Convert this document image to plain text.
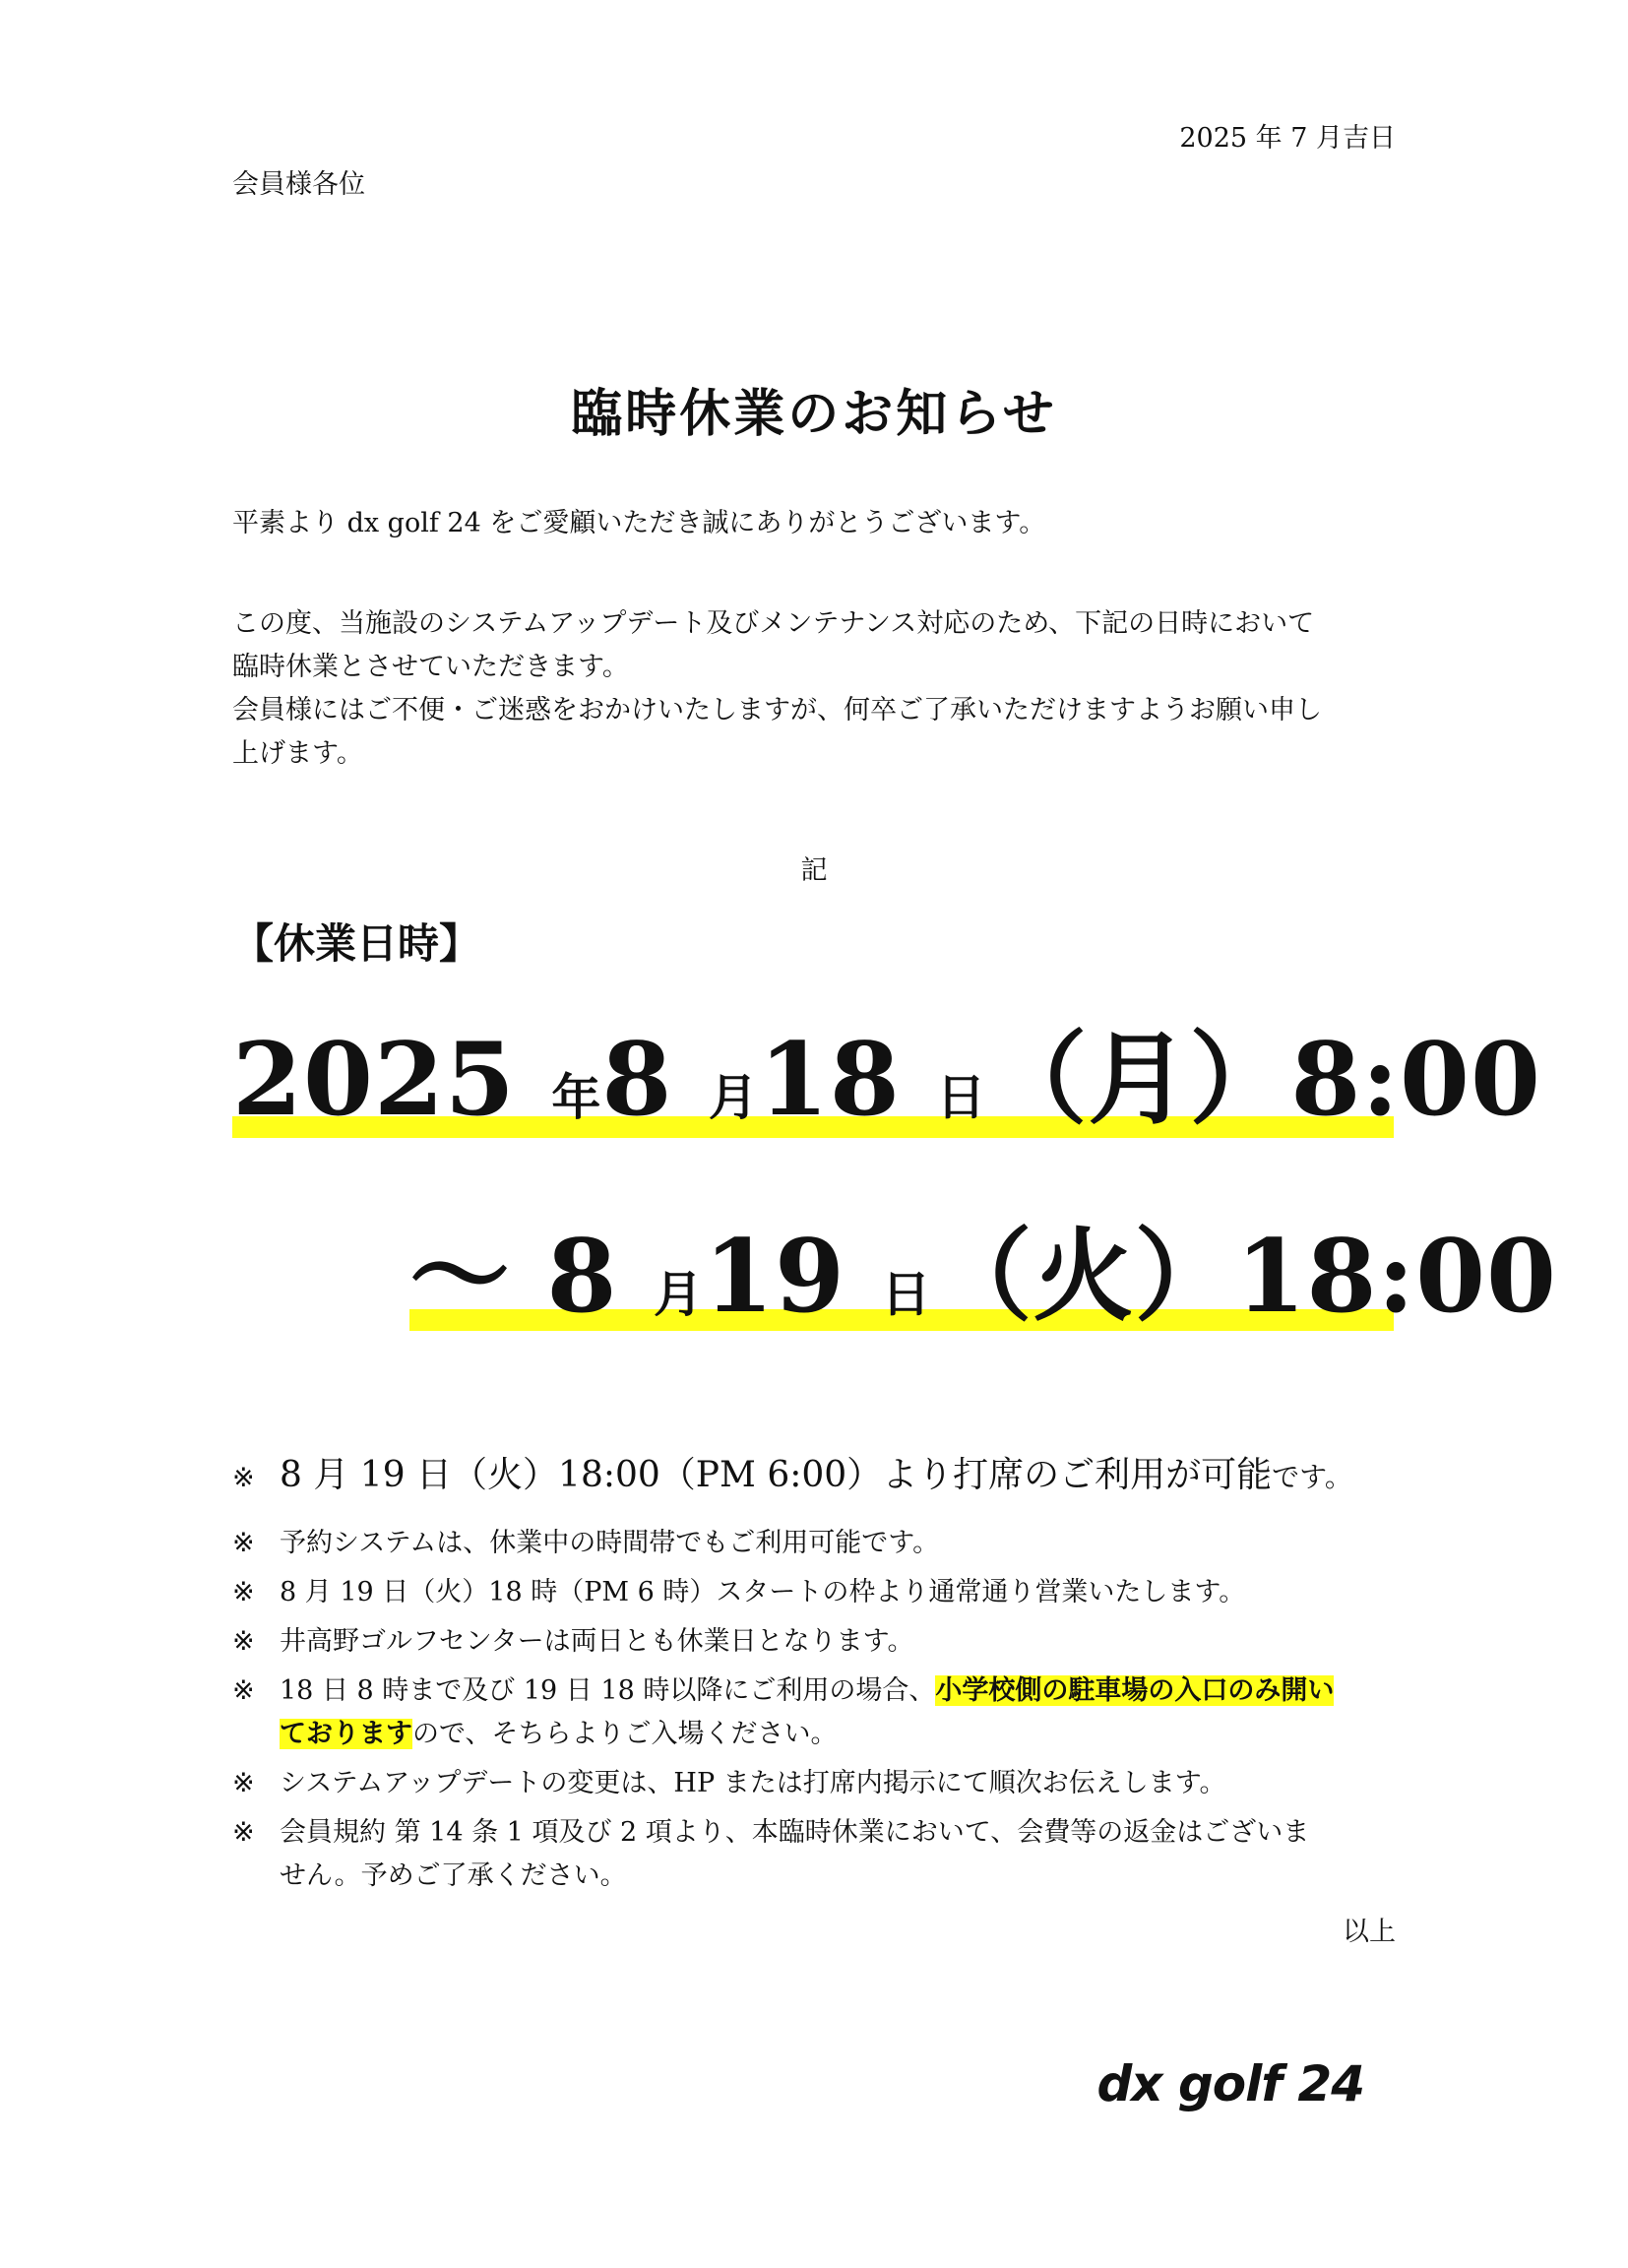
2025 年 7 月吉日
会員様各位
臨時休業のお知らせ
平素より dx golf 24 をご愛顧いただき誠にありがとうございます。
この度、当施設のシステムアップデート及びメンテナンス対応のため、下記の日時において
臨時休業とさせていただきます。
会員様にはご不便・ご迷惑をおかけいたしますが、何卒ご了承いただけますようお願い申し
上げます。
記
【休業日時】
2025 年8 月18 日（月）8:00
～ 8 月19 日（火）18:00
※ 8 月 19 日（火）18:00（PM 6:00）より打席のご利用が可能です。
※ 予約システムは、休業中の時間帯でもご利用可能です。
※ 8 月 19 日（火）18 時（PM 6 時）スタートの枠より通常通り営業いたします。
※ 井高野ゴルフセンターは両日とも休業日となります。
※ 18 日 8 時まで及び 19 日 18 時以降にご利用の場合、小学校側の駐車場の入口のみ開い
ておりますので、そちらよりご入場ください。
※ システムアップデートの変更は、HP または打席内掲示にて順次お伝えします。
※ 会員規約 第 14 条 1 項及び 2 項より、本臨時休業において、会費等の返金はございま
せん。予めご了承ください。
以上
dx golf 24
